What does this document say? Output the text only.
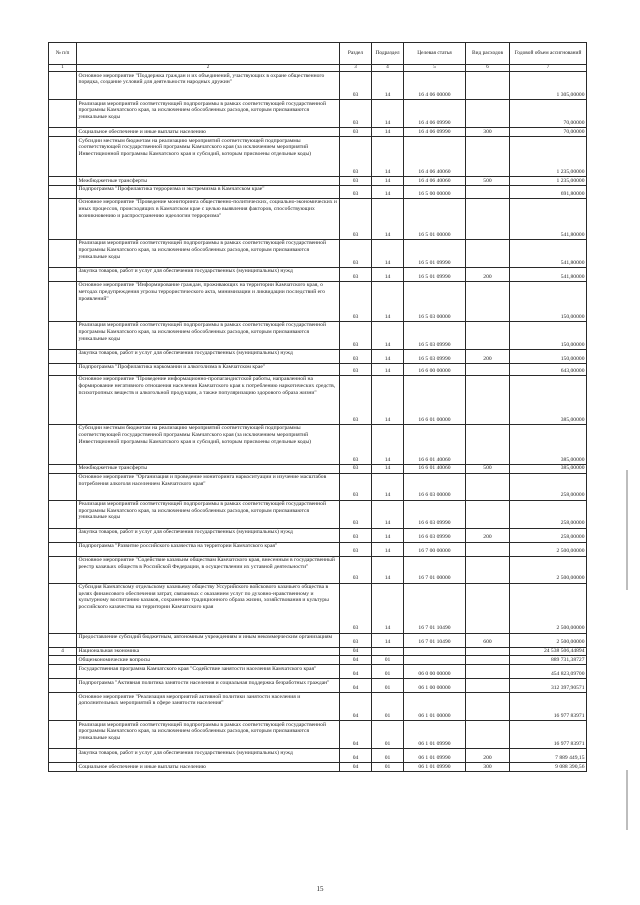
№ п/п		Раздел	Подраздел	Целевая статья	Вид расходов	Годовой объем ассигнований
1	2	3	4	5	6	7
	Основное мероприятие "Поддержка граждан и их объединений, участвующих в охране общественного порядка, создание условий для деятельности народных дружин"	03	14	16 4 06 00000		1 305,00000
	Реализация мероприятий соответствующей подпрограммы в рамках соответствующей государственной программы Камчатского края, за исключением обособленных расходов, которым присваиваются уникальные коды	03	14	16 4 06 09990		70,00000
	Социальное обеспечение и иные выплаты населению	03	14	16 4 06 09990	300	70,00000
	Субсидии местным бюджетам на реализацию мероприятий соответствующей подпрограммы соответствующей государственной программы Камчатского края (за исключением мероприятий Инвестиционной программы Камчатского края и субсидий, которым присвоены отдельные коды)	03	14	16 4 06 40060		1 235,00000
	Межбюджетные трансферты	03	14	16 4 06 40060	500	1 235,00000
	Подпрограмма "Профилактика терроризма и экстремизма в Камчатском крае"	03	14	16 5 00 00000		691,80000
	Основное мероприятие "Проведение мониторинга общественно-политических, социально-экономических и иных процессов, происходящих в Камчатском крае с целью выявления факторов, способствующих возникновению и распространению идеологии терроризма"	03	14	16 5 01 00000		541,80000
	Реализация мероприятий соответствующей подпрограммы в рамках соответствующей государственной программы Камчатского края, за исключением обособленных расходов, которым присваиваются уникальные коды	03	14	16 5 01 09990		541,80000
	Закупка товаров, работ и услуг для обеспечения государственных (муниципальных) нужд	03	14	16 5 01 09990	200	541,80000
	Основное мероприятие "Информирование граждан, проживающих на территории Камчатского края, о методах предупреждения угрозы террористического акта, минимизации и ликвидации последствий его проявлений"	03	14	16 5 03 00000		150,00000
	Реализация мероприятий соответствующей подпрограммы в рамках соответствующей государственной программы Камчатского края, за исключением обособленных расходов, которым присваиваются уникальные коды	03	14	16 5 03 09990		150,00000
	Закупка товаров, работ и услуг для обеспечения государственных (муниципальных) нужд	03	14	16 5 03 09990	200	150,00000
	Подпрограмма "Профилактика наркомании и алкоголизма в Камчатском крае"	03	14	16 6 00 00000		643,00000
	Основное мероприятие "Проведение информационно-пропагандистской работы, направленной на формирование негативного отношения населения Камчатского края к потреблению наркотических средств, психотропных веществ и алкогольной продукции, а также популяризацию здорового образа жизни"	03	14	16 6 01 00000		385,00000
	Субсидии местным бюджетам на реализацию мероприятий соответствующей подпрограммы соответствующей государственной программы Камчатского края (за исключением мероприятий Инвестиционной программы Камчатского края и субсидий, которым присвоены отдельные коды)	03	14	16 6 01 40060		385,00000
	Межбюджетные трансферты	03	14	16 6 01 40060	500	385,00000
	Основное мероприятие "Организация и проведение мониторинга наркоситуации и изучение масштабов потребления алкоголя населением Камчатского края"	03	14	16 6 03 00000		258,00000
	Реализация мероприятий соответствующей подпрограммы в рамках соответствующей государственной программы Камчатского края, за исключением обособленных расходов, которым присваиваются уникальные коды	03	14	16 6 03 09990		258,00000
	Закупка товаров, работ и услуг для обеспечения государственных (муниципальных) нужд	03	14	16 6 03 09990	200	258,00000
	Подпрограмма "Развитие российского казачества на территории Камчатского края"	03	14	16 7 00 00000		2 500,00000
	Основное мероприятие "Содействие казачьим обществам Камчатского края, внесенным в государственный реестр казачьих обществ в Российской Федерации, в осуществлении их уставной деятельности"	03	14	16 7 01 00000		2 500,00000
	Субсидия Камчатскому отдельскому казачьему обществу Уссурийского войскового казачьего общества в целях финансового обеспечения затрат, связанных с оказанием услуг по духовно-нравственному и культурному воспитанию казаков, сохранению традиционного образа жизни, хозяйствования и культуры российского казачества на территории Камчатского края	03	14	16 7 01 10490		2 500,00000
	Предоставление субсидий бюджетным, автономным учреждениям и иным некоммерческим организациям	03	14	16 7 01 10490	600	2 500,00000
4	Национальная экономика	04				24 538 506,44894
	Общеэкономические вопросы	04	01			889 731,38727
	Государственная программа Камчатского края "Содействие занятости населения Камчатского края"	04	01	06 0 00 00000		454 823,09700
	Подпрограмма "Активная политика занятости населения и социальная поддержка безработных граждан"	04	01	06 1 00 00000		312 397,90571
	Основное мероприятие "Реализация мероприятий активной политики занятости населения и дополнительных мероприятий в сфере занятости населения"	04	01	06 1 01 00000		16 977 83971
	Реализация мероприятий соответствующей подпрограммы в рамках соответствующей государственной программы Камчатского края, за исключением обособленных расходов, которым присваиваются уникальные коды	04	01	06 1 01 09990		16 977 83971
	Закупка товаров, работ и услуг для обеспечения государственных (муниципальных) нужд	04	01	06 1 01 09990	200	7 889 449,15
	Социальное обеспечение и иные выплаты населению	04	01	06 1 01 09990	300	9 088 390,56
15
